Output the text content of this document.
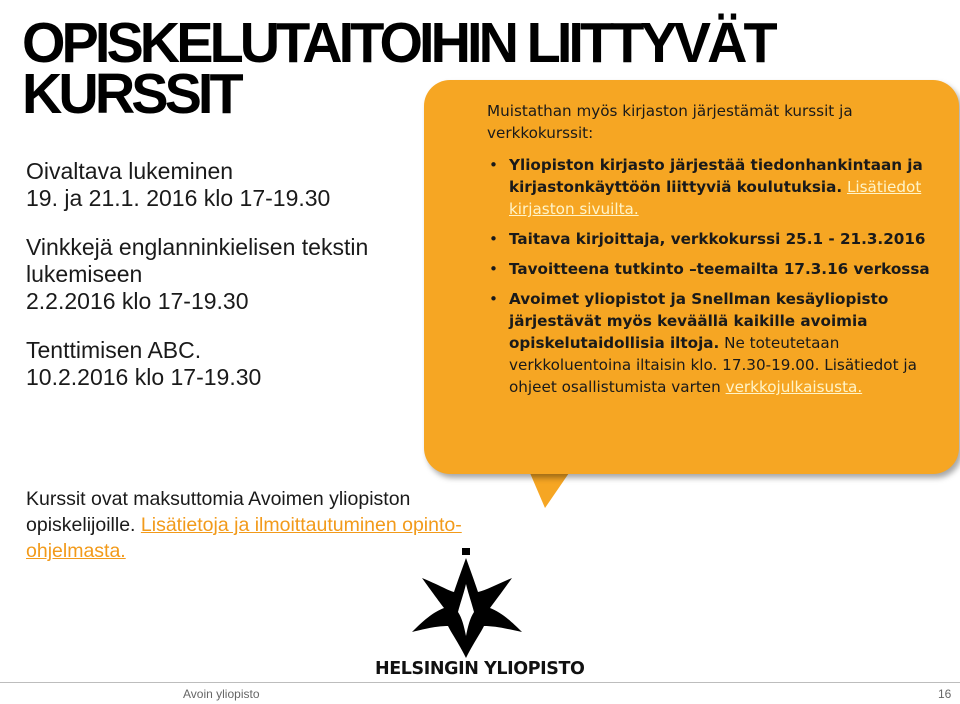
OPISKELUTAITOIHIN LIITTYVÄT
KURSSIT
Oivaltava lukeminen
19. ja 21.1. 2016 klo 17-19.30
Vinkkejä englanninkielisen tekstin
lukemiseen
2.2.2016 klo 17-19.30
Tenttimisen ABC.
10.2.2016 klo 17-19.30
Kurssit ovat maksuttomia Avoimen yliopiston opiskelijoille. Lisätietoja ja ilmoittautuminen opinto-ohjelmasta.
Muistathan myös kirjaston järjestämät kurssit ja verkkokurssit:
• Yliopiston kirjasto järjestää tiedonhankintaan ja kirjastonkäyttöön liittyviä koulutuksia. Lisätiedot kirjaston sivuilta.
• Taitava kirjoittaja, verkkokurssi 25.1 - 21.3.2016
• Tavoitteena tutkinto –teemailta 17.3.16 verkossa
• Avoimet yliopistot ja Snellman kesäyliopisto järjestävät myös keväällä kaikille avoimia opiskelutaidollisia iltoja. Ne toteutetaan verkkoluentoina iltaisin klo. 17.30-19.00. Lisätiedot ja ohjeet osallistumista varten verkkojulkaisusta.
HELSINGIN YLIOPISTO
Avoin yliopisto	16
